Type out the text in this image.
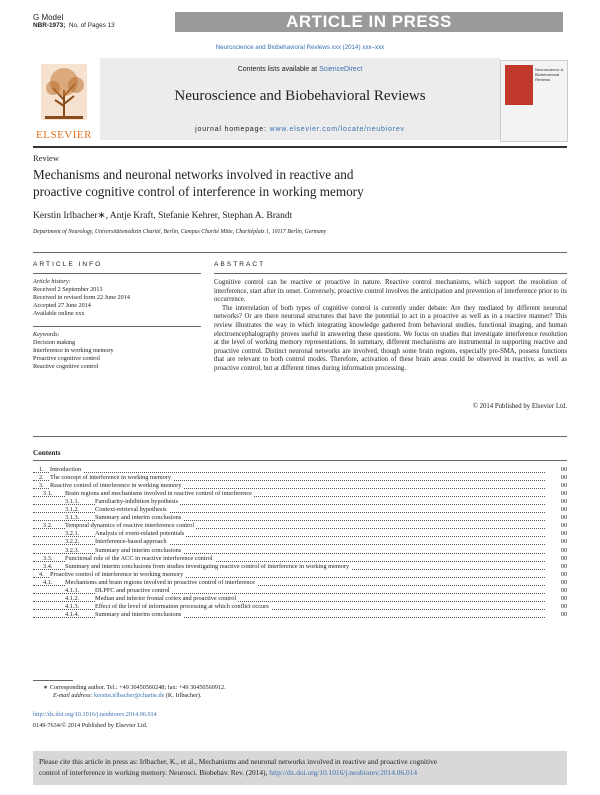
G Model
NBR-1973; No. of Pages 13	ARTICLE IN PRESS
Neuroscience and Biobehavioral Reviews xxx (2014) xxx–xxx
ELSEVIER
Contents lists available at ScienceDirect
Neuroscience and Biobehavioral Reviews
journal homepage: www.elsevier.com/locate/neubiorev
Neuroscience & Biobehavioral Reviews
Review
Mechanisms and neuronal networks involved in reactive and
proactive cognitive control of interference in working memory
Kerstin Irlbacher∗, Antje Kraft, Stefanie Kehrer, Stephan A. Brandt
Department of Neurology, Universitätsmedizin Charité, Berlin, Campus Charité Mitte, Charitéplatz 1, 10117 Berlin, Germany
ARTICLE INFO
Article history:
Received 2 September 2013
Received in revised form 22 June 2014
Accepted 27 June 2014
Available online xxx
Keywords:
Decision making
Interference in working memory
Proactive cognitive control
Reactive cognitive control
ABSTRACT

Cognitive control can be reactive or proactive in nature. Reactive control mechanisms, which support the resolution of interference, start after its onset. Conversely, proactive control involves the anticipation and prevention of interference prior to its occurrence.

The interrelation of both types of cognitive control is currently under debate: Are they mediated by different neuronal networks? Or are there neuronal structures that have the potential to act in a proactive as well as in a reactive manner? This review illustrates the way in which integrating knowledge gathered from behavioral studies, functional imaging, and human electroencephalography proves useful in answering these questions. We focus on studies that investigate interference resolution at the level of working memory representations. In summary, different mechanisms are instrumental in supporting reactive and proactive control. Distinct neuronal networks are involved, though some brain regions, especially pre-SMA, possess functions that are relevant to both control modes. Therefore, activation of these brain areas could be observed in reactive, as well as proactive control, but at different times during information processing.

© 2014 Published by Elsevier Ltd.
Contents
1. Introduction	00
2. The concept of interference in working memory	00
3. Reactive control of interference in working memory	00
3.1. Brain regions and mechanisms involved in reactive control of interference	00
3.1.1.	Familiarity-inhibition hypothesis	00
3.1.2.	Context-retrieval hypothesis	00
3.1.3.	Summary and interim conclusions	00
3.2. Temporal dynamics of reactive interference control	00
3.2.1.	Analysis of event-related potentials	00
3.2.2.	Interference-based approach	00
3.2.3.	Summary and interim conclusions	00
3.3. Functional role of the ACC in reactive interference control	00
3.4. Summary and interim conclusions from studies investigating reactive control of interference in working memory	00
4. Proactive control of interference in working memory	00
4.1. Mechanisms and brain regions involved in proactive control of interference	00
4.1.1.	DLPFC and proactive control	00
4.1.2.	Median and inferior frontal cortex and proactive control	00
4.1.3.	Effect of the level of information processing at which conflict occurs	00
4.1.4.	Summary and interim conclusions	00
∗ Corresponding author. Tel.: +49 30450560248; fax: +49 30450560912.
E-mail address: kerstin.irlbacher@charite.de (K. Irlbacher).
http://dx.doi.org/10.1016/j.neubiorev.2014.06.014
0149-7634/© 2014 Published by Elsevier Ltd.
Please cite this article in press as: Irlbacher, K., et al., Mechanisms and neuronal networks involved in reactive and proactive cognitive
control of interference in working memory. Neurosci. Biobehav. Rev. (2014), http://dx.doi.org/10.1016/j.neubiorev.2014.06.014
